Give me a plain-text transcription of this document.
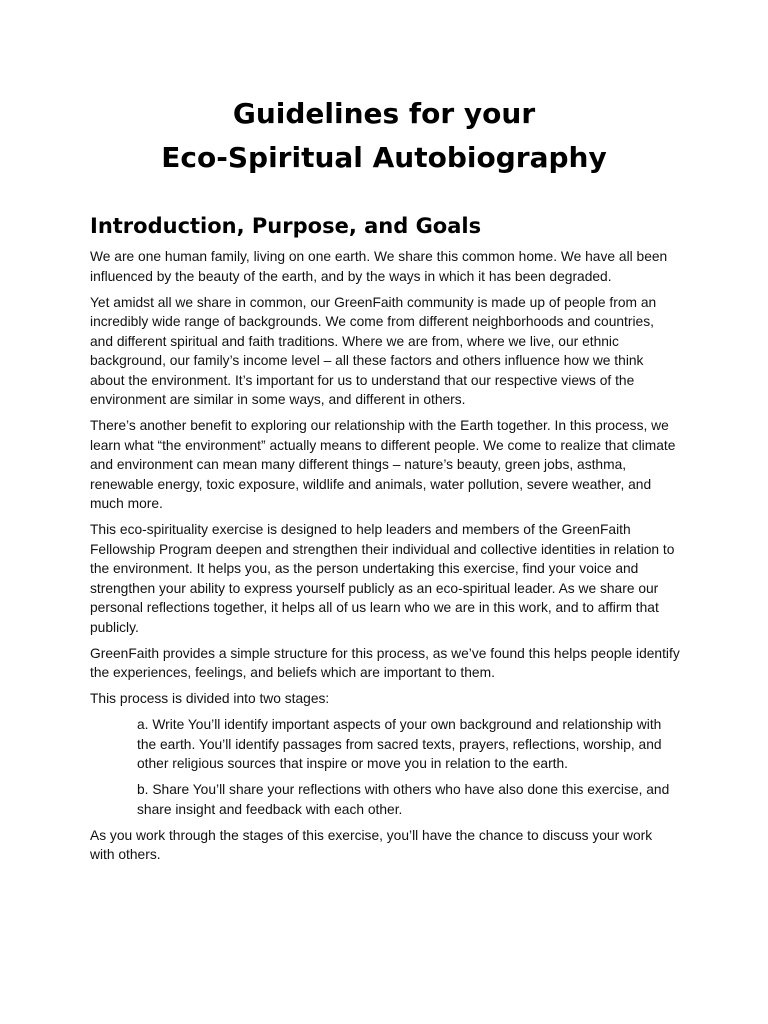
Guidelines for your
Eco-Spiritual Autobiography
Introduction, Purpose, and Goals

We are one human family, living on one earth. We share this common home. We have all been influenced by the beauty of the earth, and by the ways in which it has been degraded.

Yet amidst all we share in common, our GreenFaith community is made up of people from an incredibly wide range of backgrounds. We come from different neighborhoods and countries, and different spiritual and faith traditions. Where we are from, where we live, our ethnic background, our family’s income level – all these factors and others influence how we think about the environment. It’s important for us to understand that our respective views of the environment are similar in some ways, and different in others.

There’s another benefit to exploring our relationship with the Earth together. In this process, we learn what “the environment” actually means to different people. We come to realize that climate and environment can mean many different things – nature’s beauty, green jobs, asthma, renewable energy, toxic exposure, wildlife and animals, water pollution, severe weather, and much more.

This eco-spirituality exercise is designed to help leaders and members of the GreenFaith Fellowship Program deepen and strengthen their individual and collective identities in relation to the environment. It helps you, as the person undertaking this exercise, find your voice and strengthen your ability to express yourself publicly as an eco-spiritual leader. As we share our personal reflections together, it helps all of us learn who we are in this work, and to affirm that publicly.

GreenFaith provides a simple structure for this process, as we’ve found this helps people identify the experiences, feelings, and beliefs which are important to them.

This process is divided into two stages:

a. Write You’ll identify important aspects of your own background and relationship with the earth. You’ll identify passages from sacred texts, prayers, reflections, worship, and other religious sources that inspire or move you in relation to the earth.

b. Share You’ll share your reflections with others who have also done this exercise, and share insight and feedback with each other.

As you work through the stages of this exercise, you’ll have the chance to discuss your work with others.
